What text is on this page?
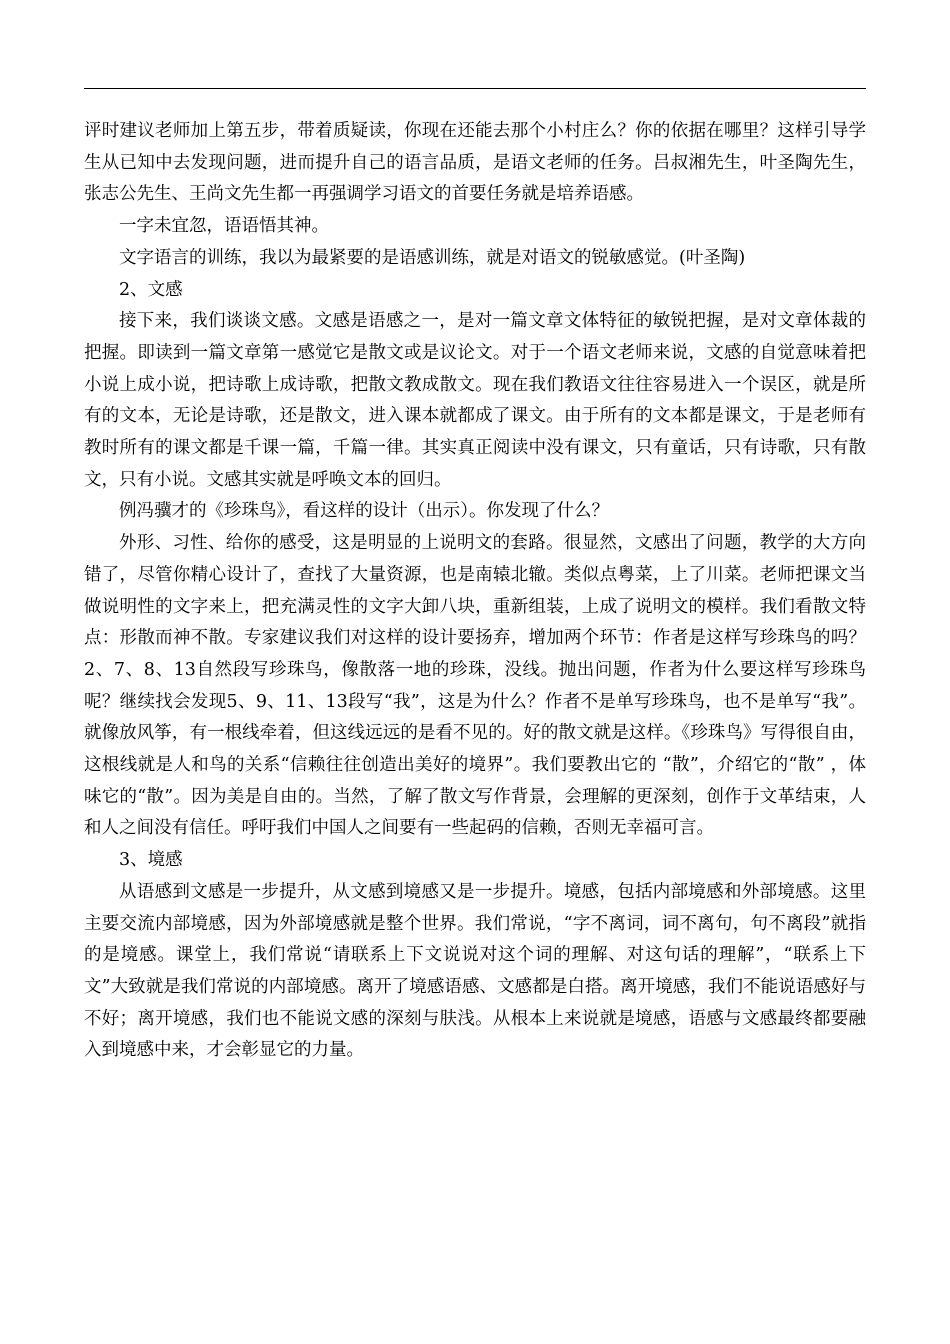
评时建议老师加上第五步，带着质疑读，你现在还能去那个小村庄么？你的依据在哪里？这样引导学生从已知中去发现问题，进而提升自己的语言品质，是语文老师的任务。吕叔湘先生，叶圣陶先生，张志公先生、王尚文先生都一再强调学习语文的首要任务就是培养语感。

一字未宜忽，语语悟其神。

文字语言的训练，我以为最紧要的是语感训练，就是对语文的锐敏感觉。(叶圣陶)

2、文感

接下来，我们谈谈文感。文感是语感之一，是对一篇文章文体特征的敏锐把握，是对文章体裁的把握。即读到一篇文章第一感觉它是散文或是议论文。对于一个语文老师来说，文感的自觉意味着把小说上成小说，把诗歌上成诗歌，把散文教成散文。现在我们教语文往往容易进入一个误区，就是所有的文本，无论是诗歌，还是散文，进入课本就都成了课文。由于所有的文本都是课文，于是老师有教时所有的课文都是千课一篇，千篇一律。其实真正阅读中没有课文，只有童话，只有诗歌，只有散文，只有小说。文感其实就是呼唤文本的回归。

例冯骥才的《珍珠鸟》，看这样的设计（出示）。你发现了什么？

外形、习性、给你的感受，这是明显的上说明文的套路。很显然，文感出了问题，教学的大方向错了，尽管你精心设计了，查找了大量资源，也是南辕北辙。类似点粤菜，上了川菜。老师把课文当做说明性的文字来上，把充满灵性的文字大卸八块，重新组装，上成了说明文的模样。我们看散文特点：形散而神不散。专家建议我们对这样的设计要扬弃，增加两个环节：作者是这样写珍珠鸟的吗？2、7、8、13自然段写珍珠鸟，像散落一地的珍珠，没线。抛出问题，作者为什么要这样写珍珠鸟呢？继续找会发现5、9、11、13段写“我”，这是为什么？作者不是单写珍珠鸟，也不是单写“我”。就像放风筝，有一根线牵着，但这线远远的是看不见的。好的散文就是这样。《珍珠鸟》写得很自由，这根线就是人和鸟的关系“信赖往往创造出美好的境界”。我们要教出它的 “散”，介绍它的“散” ，体味它的“散”。因为美是自由的。当然，了解了散文写作背景，会理解的更深刻，创作于文革结束，人和人之间没有信任。呼吁我们中国人之间要有一些起码的信赖，否则无幸福可言。

3、境感

从语感到文感是一步提升，从文感到境感又是一步提升。境感，包括内部境感和外部境感。这里主要交流内部境感，因为外部境感就是整个世界。我们常说，“字不离词，词不离句，句不离段”就指的是境感。课堂上，我们常说“请联系上下文说说对这个词的理解、对这句话的理解”，“联系上下文”大致就是我们常说的内部境感。离开了境感语感、文感都是白搭。离开境感，我们不能说语感好与不好；离开境感，我们也不能说文感的深刻与肤浅。从根本上来说就是境感，语感与文感最终都要融入到境感中来，才会彰显它的力量。
